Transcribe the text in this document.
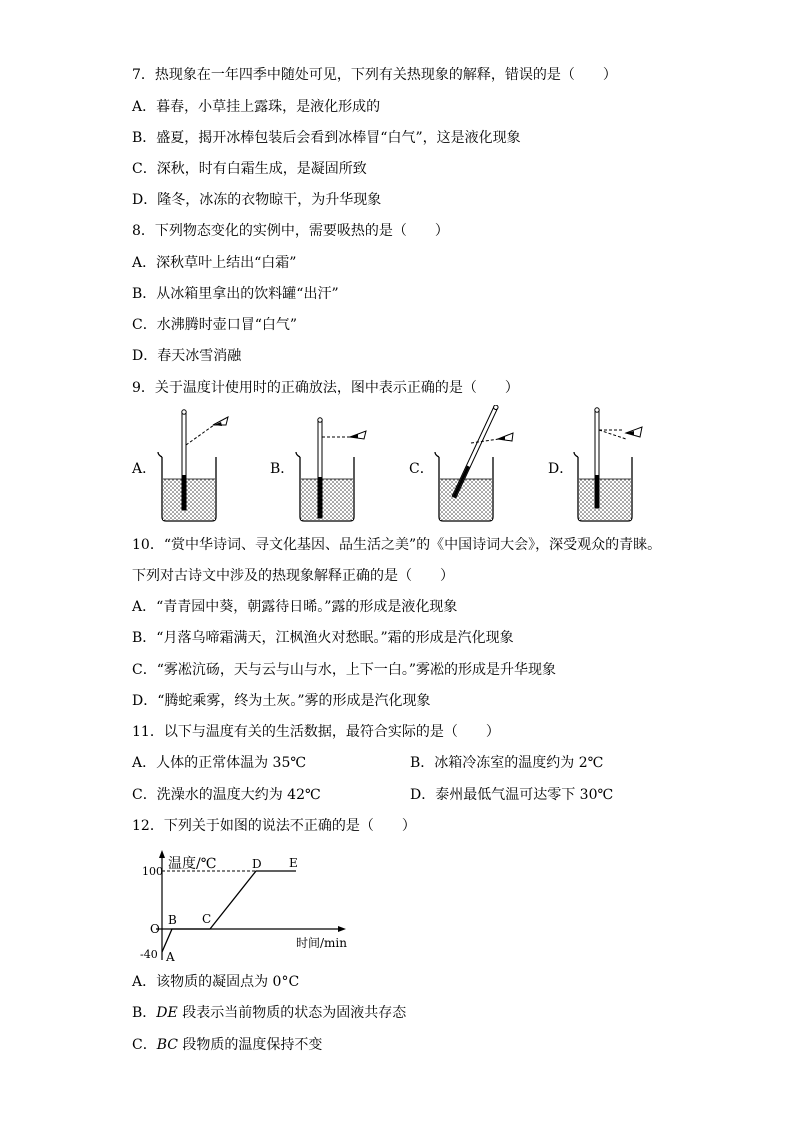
7．热现象在一年四季中随处可见，下列有关热现象的解释，错误的是（　　）
A．暮春，小草挂上露珠，是液化形成的
B．盛夏，揭开冰棒包装后会看到冰棒冒“白气”，这是液化现象
C．深秋，时有白霜生成，是凝固所致
D．隆冬，冰冻的衣物晾干，为升华现象
8．下列物态变化的实例中，需要吸热的是（　　）
A．深秋草叶上结出“白霜”
B．从冰箱里拿出的饮料罐“出汗”
C．水沸腾时壶口冒“白气”
D．春天冰雪消融
9．关于温度计使用时的正确放法，图中表示正确的是（　　）
A．	B．	C．	D．
10．“赏中华诗词、寻文化基因、品生活之美”的《中国诗词大会》，深受观众的青睐。
下列对古诗文中涉及的热现象解释正确的是（　　）
A．“青青园中葵，朝露待日晞。”露的形成是液化现象
B．“月落乌啼霜满天，江枫渔火对愁眠。”霜的形成是汽化现象
C．“雾凇沆砀，天与云与山与水，上下一白。”雾凇的形成是升华现象
D．“腾蛇乘雾，终为土灰。”雾的形成是汽化现象
11．以下与温度有关的生活数据，最符合实际的是（　　）
A．人体的正常体温为 35℃	B．冰箱冷冻室的温度约为 2℃
C．洗澡水的温度大约为 42℃	D．泰州最低气温可达零下 30℃
12．下列关于如图的说法不正确的是（　　）
温度/℃
100
O
-40 A
B C
D E
时间/min
A．该物质的凝固点为 0°C
B．DE 段表示当前物质的状态为固液共存态
C．BC 段物质的温度保持不变
